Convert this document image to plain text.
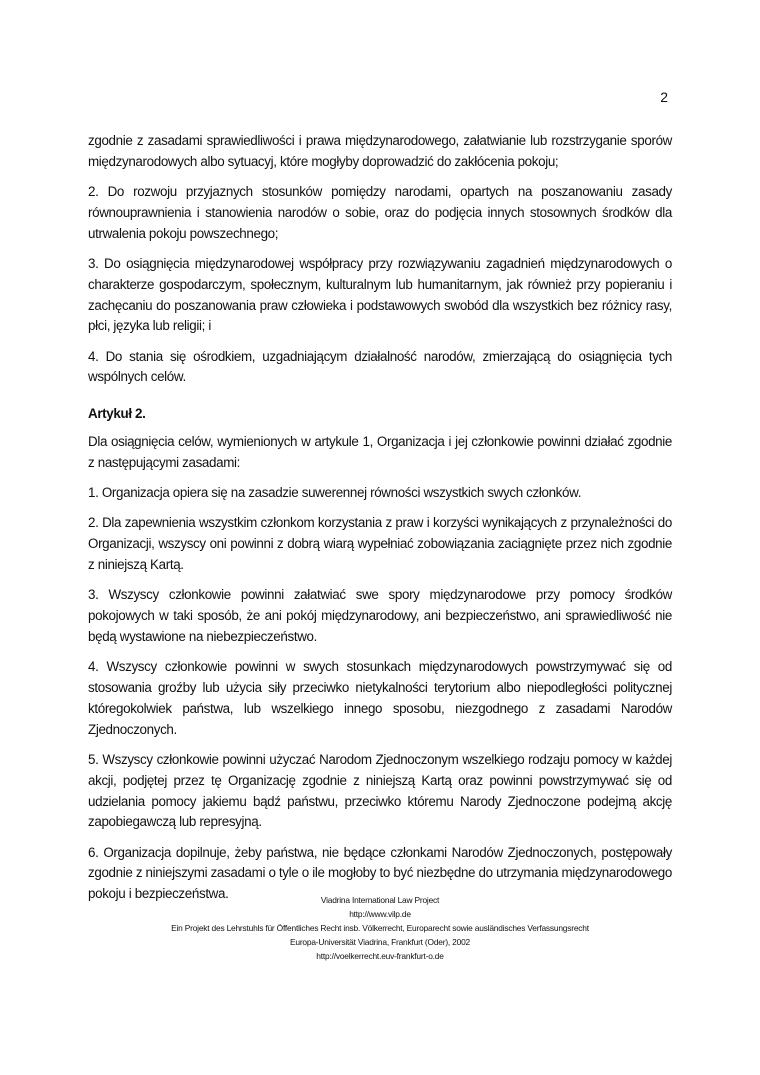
2

zgodnie z zasadami sprawiedliwości i prawa międzynarodowego, załatwianie lub rozstrzyganie sporów międzynarodowych albo sytuacyj, które mogłyby doprowadzić do zakłócenia pokoju;

2. Do rozwoju przyjaznych stosunków pomiędzy narodami, opartych na poszanowaniu zasady równouprawnienia i stanowienia narodów o sobie, oraz do podjęcia innych stosownych środków dla utrwalenia pokoju powszechnego;

3. Do osiągnięcia międzynarodowej współpracy przy rozwiązywaniu zagadnień międzynarodowych o charakterze gospodarczym, społecznym, kulturalnym lub humanitarnym, jak również przy popieraniu i zachęcaniu do poszanowania praw człowieka i podstawowych swobód dla wszystkich bez różnicy rasy, płci, języka lub religii; i

4. Do stania się ośrodkiem, uzgadniającym działalność narodów, zmierzającą do osiągnięcia tych wspólnych celów.

Artykuł 2.

Dla osiągnięcia celów, wymienionych w artykule 1, Organizacja i jej członkowie powinni działać zgodnie z następującymi zasadami:

1. Organizacja opiera się na zasadzie suwerennej równości wszystkich swych członków.

2. Dla zapewnienia wszystkim członkom korzystania z praw i korzyści wynikających z przynależności do Organizacji, wszyscy oni powinni z dobrą wiarą wypełniać zobowiązania zaciągnięte przez nich zgodnie z niniejszą Kartą.

3. Wszyscy członkowie powinni załatwiać swe spory międzynarodowe przy pomocy środków pokojowych w taki sposób, że ani pokój międzynarodowy, ani bezpieczeństwo, ani sprawiedliwość nie będą wystawione na niebezpieczeństwo.

4. Wszyscy członkowie powinni w swych stosunkach międzynarodowych powstrzymywać się od stosowania groźby lub użycia siły przeciwko nietykalności terytorium albo niepodległości politycznej któregokolwiek państwa, lub wszelkiego innego sposobu, niezgodnego z zasadami Narodów Zjednoczonych.

5. Wszyscy członkowie powinni użyczać Narodom Zjednoczonym wszelkiego rodzaju pomocy w każdej akcji, podjętej przez tę Organizację zgodnie z niniejszą Kartą oraz powinni powstrzymywać się od udzielania pomocy jakiemu bądź państwu, przeciwko któremu Narody Zjednoczone podejmą akcję zapobiegawczą lub represyjną.

6. Organizacja dopilnuje, żeby państwa, nie będące członkami Narodów Zjednoczonych, postępowały zgodnie z niniejszymi zasadami o tyle o ile mogłoby to być niezbędne do utrzymania międzynarodowego pokoju i bezpieczeństwa.	Viadrina International Law Project
http://www.vilp.de
Ein Projekt des Lehrstuhls für Öffentliches Recht insb. Völkerrecht, Europarecht sowie ausländisches Verfassungsrecht
Europa-Universität Viadrina, Frankfurt (Oder), 2002
http://voelkerrecht.euv-frankfurt-o.de
